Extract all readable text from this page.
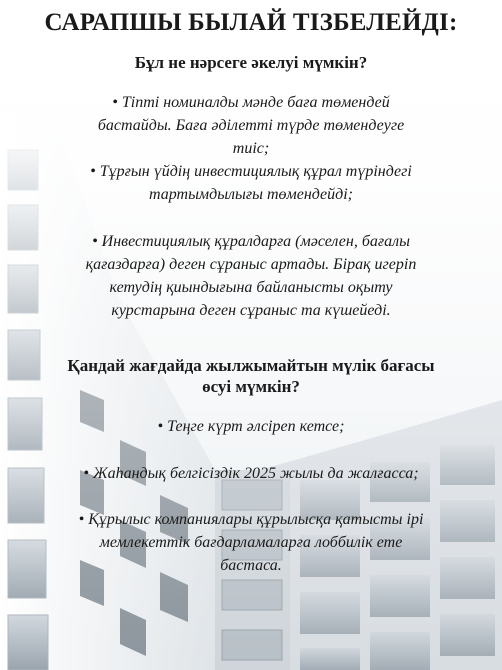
САРАПШЫ БЫЛАЙ ТІЗБЕЛЕЙДІ:
Бұл не нәрсеге әкелуі мүмкін?

• Тіпті номиналды мәнде баға төмендей бастайды. Баға әділетті түрде төмендеуге тиіс;

• Тұрғын үйдің инвестициялық құрал түріндегі тартымдылығы төмендейді;

• Инвестициялық құралдарға (мәселен, бағалы қағаздарға) деген сұраныс артады. Бірақ игеріп кетудің қиындығына байланысты оқыту курстарына деген сұраныс та күшейеді.

Қандай жағдайда жылжымайтын мүлік бағасы өсуі мүмкін?

• Теңге күрт әлсіреп кетсе;

• Жаһандық белгісіздік 2025 жылы да жалғасса;

• Құрылыс компаниялары құрылысқа қатысты ірі мемлекеттік бағдарламаларға лоббилік ете бастаса.
